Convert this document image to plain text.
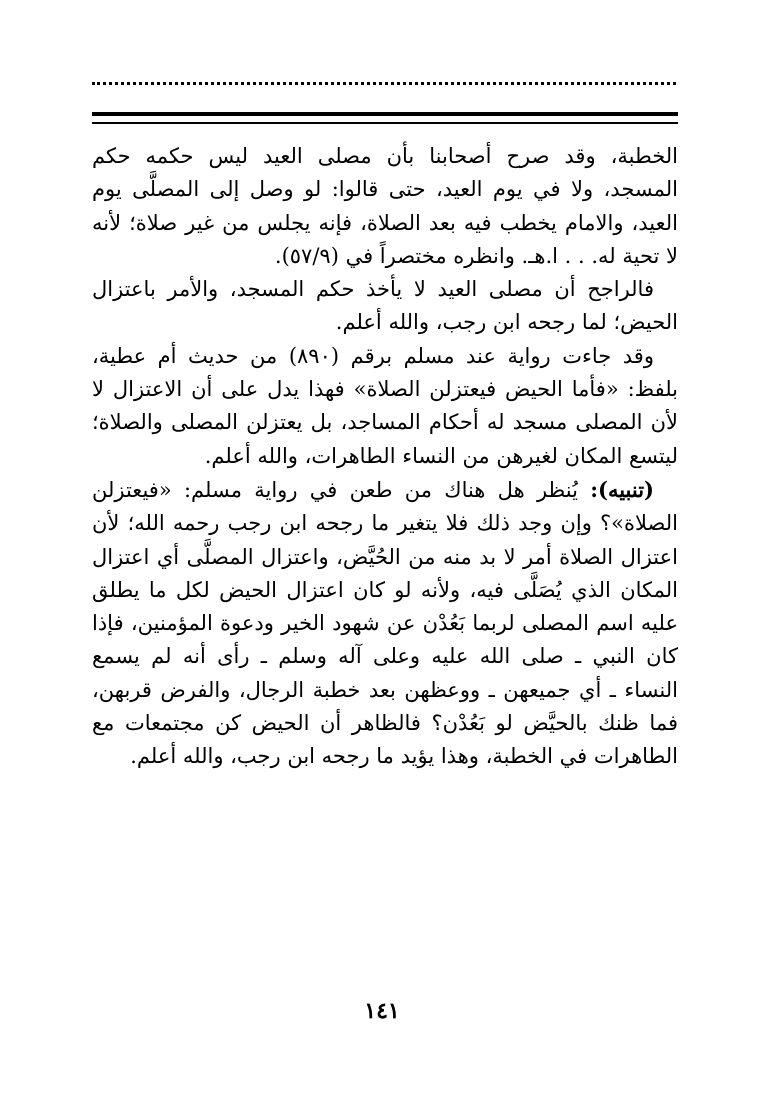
الخطبة، وقد صرح أصحابنا بأن مصلى العيد ليس حكمه حكم المسجد، ولا في يوم العيد، حتى قالوا: لو وصل إلى المصلَّى يوم العيد، والامام يخطب فيه بعد الصلاة، فإنه يجلس من غير صلاة؛ لأنه لا تحية له. . . ا.هـ. وانظره مختصراً في (٥٧/٩).

فالراجح أن مصلى العيد لا يأخذ حكم المسجد، والأمر باعتزال الحيض؛ لما رجحه ابن رجب، والله أعلم.

وقد جاءت رواية عند مسلم برقم (٨٩٠) من حديث أم عطية، بلفظ: «فأما الحيض فيعتزلن الصلاة» فهذا يدل على أن الاعتزال لا لأن المصلى مسجد له أحكام المساجد، بل يعتزلن المصلى والصلاة؛ ليتسع المكان لغيرهن من النساء الطاهرات، والله أعلم.

(تنبيه): يُنظر هل هناك من طعن في رواية مسلم: «فيعتزلن الصلاة»؟ وإن وجد ذلك فلا يتغير ما رجحه ابن رجب رحمه الله؛ لأن اعتزال الصلاة أمر لا بد منه من الحُيَّض، واعتزال المصلَّى أي اعتزال المكان الذي يُصَلَّى فيه، ولأنه لو كان اعتزال الحيض لكل ما يطلق عليه اسم المصلى لربما بَعُدْن عن شهود الخير ودعوة المؤمنين، فإذا كان النبي ـ صلى الله عليه وعلى آله وسلم ـ رأى أنه لم يسمع النساء ـ أي جميعهن ـ ووعظهن بعد خطبة الرجال، والفرض قربهن، فما ظنك بالحيَّض لو بَعُدْن؟ فالظاهر أن الحيض كن مجتمعات مع الطاهرات في الخطبة، وهذا يؤيد ما رجحه ابن رجب، والله أعلم.

١٤١
